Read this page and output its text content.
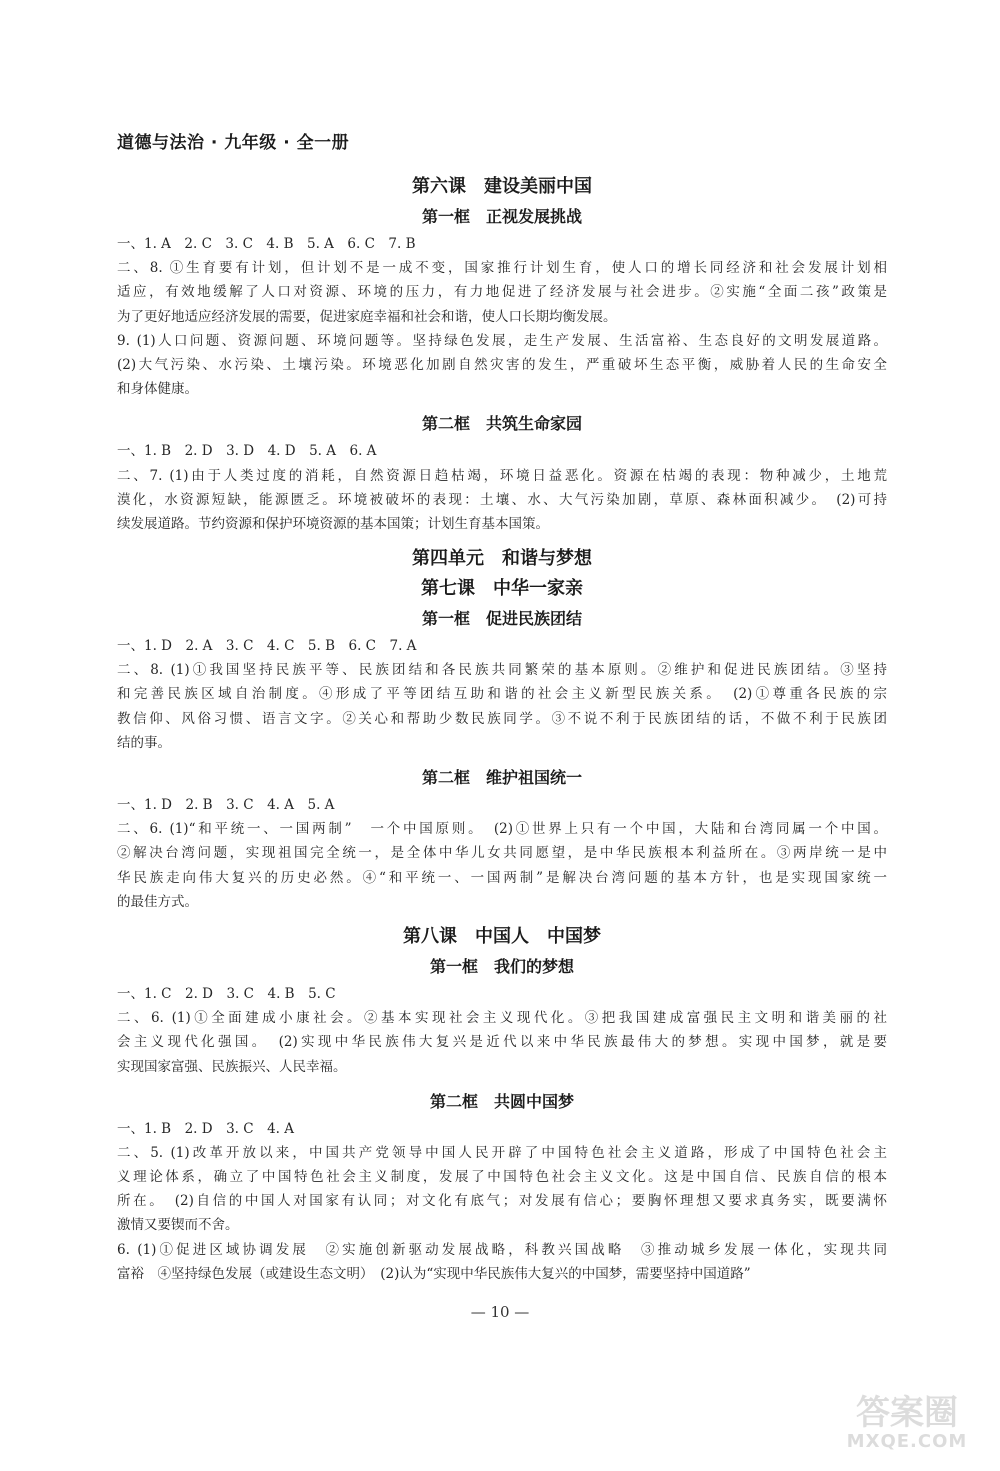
道德与法治 · 九年级 · 全一册
第六课　建设美丽中国
第一框　正视发展挑战
一、1. A　2. C　3. C　4. B　5. A　6. C　7. B
二、8. ①生育要有计划，但计划不是一成不变，国家推行计划生育，使人口的增长同经济和社会发展计划相
适应，有效地缓解了人口对资源、环境的压力，有力地促进了经济发展与社会进步。②实施“全面二孩”政策是
为了更好地适应经济发展的需要，促进家庭幸福和社会和谐，使人口长期均衡发展。
9. (1)人口问题、资源问题、环境问题等。坚持绿色发展，走生产发展、生活富裕、生态良好的文明发展道路。
(2)大气污染、水污染、土壤污染。环境恶化加剧自然灾害的发生，严重破坏生态平衡，威胁着人民的生命安全
和身体健康。
第二框　共筑生命家园
一、1. B　2. D　3. D　4. D　5. A　6. A
二、7. (1)由于人类过度的消耗，自然资源日趋枯竭，环境日益恶化。资源在枯竭的表现：物种减少，土地荒
漠化，水资源短缺，能源匮乏。环境被破坏的表现：土壤、水、大气污染加剧，草原、森林面积减少。　(2)可持
续发展道路。节约资源和保护环境资源的基本国策；计划生育基本国策。
第四单元　和谐与梦想
第七课　中华一家亲
第一框　促进民族团结
一、1. D　2. A　3. C　4. C　5. B　6. C　7. A
二、8. (1)①我国坚持民族平等、民族团结和各民族共同繁荣的基本原则。②维护和促进民族团结。③坚持
和完善民族区域自治制度。④形成了平等团结互助和谐的社会主义新型民族关系。　(2)①尊重各民族的宗
教信仰、风俗习惯、语言文字。②关心和帮助少数民族同学。③不说不利于民族团结的话，不做不利于民族团
结的事。
第二框　维护祖国统一
一、1. D　2. B　3. C　4. A　5. A
二、6. (1)“和平统一、一国两制”　一个中国原则。　(2)①世界上只有一个中国，大陆和台湾同属一个中国。
②解决台湾问题，实现祖国完全统一，是全体中华儿女共同愿望，是中华民族根本利益所在。③两岸统一是中
华民族走向伟大复兴的历史必然。④“和平统一、一国两制”是解决台湾问题的基本方针，也是实现国家统一
的最佳方式。
第八课　中国人　中国梦
第一框　我们的梦想
一、1. C　2. D　3. C　4. B　5. C
二、6. (1)①全面建成小康社会。②基本实现社会主义现代化。③把我国建成富强民主文明和谐美丽的社
会主义现代化强国。　(2)实现中华民族伟大复兴是近代以来中华民族最伟大的梦想。实现中国梦，就是要
实现国家富强、民族振兴、人民幸福。
第二框　共圆中国梦
一、1. B　2. D　3. C　4. A
二、5. (1)改革开放以来，中国共产党领导中国人民开辟了中国特色社会主义道路，形成了中国特色社会主
义理论体系，确立了中国特色社会主义制度，发展了中国特色社会主义文化。这是中国自信、民族自信的根本
所在。　(2)自信的中国人对国家有认同；对文化有底气；对发展有信心；要胸怀理想又要求真务实，既要满怀
激情又要锲而不舍。
6. (1)①促进区域协调发展　②实施创新驱动发展战略，科教兴国战略　③推动城乡发展一体化，实现共同
富裕　④坚持绿色发展（或建设生态文明）　(2)认为“实现中华民族伟大复兴的中国梦，需要坚持中国道路”
— 10 —
答案圈
MXQE.COM
